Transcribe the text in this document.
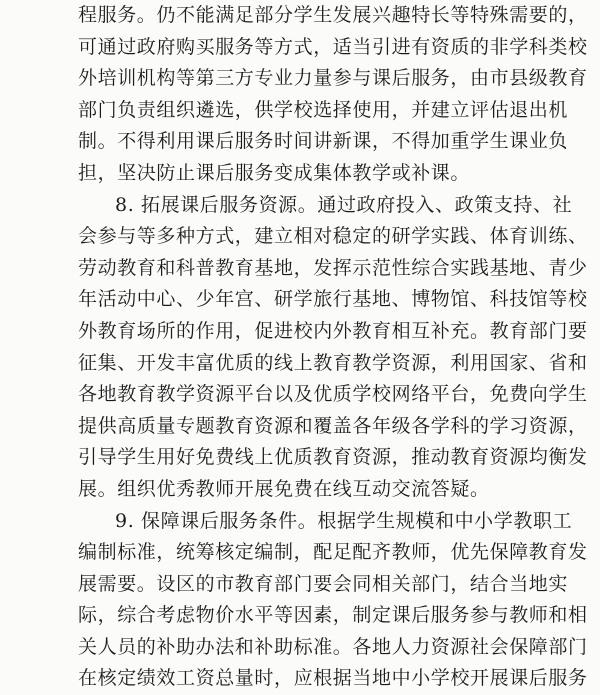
程服务。仍不能满足部分学生发展兴趣特长等特殊需要的，
可通过政府购买服务等方式，适当引进有资质的非学科类校
外培训机构等第三方专业力量参与课后服务，由市县级教育
部门负责组织遴选，供学校选择使用，并建立评估退出机
制。不得利用课后服务时间讲新课，不得加重学生课业负
担，坚决防止课后服务变成集体教学或补课。
8. 拓展课后服务资源。通过政府投入、政策支持、社
会参与等多种方式，建立相对稳定的研学实践、体育训练、
劳动教育和科普教育基地，发挥示范性综合实践基地、青少
年活动中心、少年宫、研学旅行基地、博物馆、科技馆等校
外教育场所的作用，促进校内外教育相互补充。教育部门要
征集、开发丰富优质的线上教育教学资源，利用国家、省和
各地教育教学资源平台以及优质学校网络平台，免费向学生
提供高质量专题教育资源和覆盖各年级各学科的学习资源，
引导学生用好免费线上优质教育资源，推动教育资源均衡发
展。组织优秀教师开展免费在线互动交流答疑。
9. 保障课后服务条件。根据学生规模和中小学教职工
编制标准，统筹核定编制，配足配齐教师，优先保障教育发
展需要。设区的市教育部门要会同相关部门，结合当地实
际，综合考虑物价水平等因素，制定课后服务参与教师和相
关人员的补助办法和补助标准。各地人力资源社会保障部门
在核定绩效工资总量时，应根据当地中小学校开展课后服务
